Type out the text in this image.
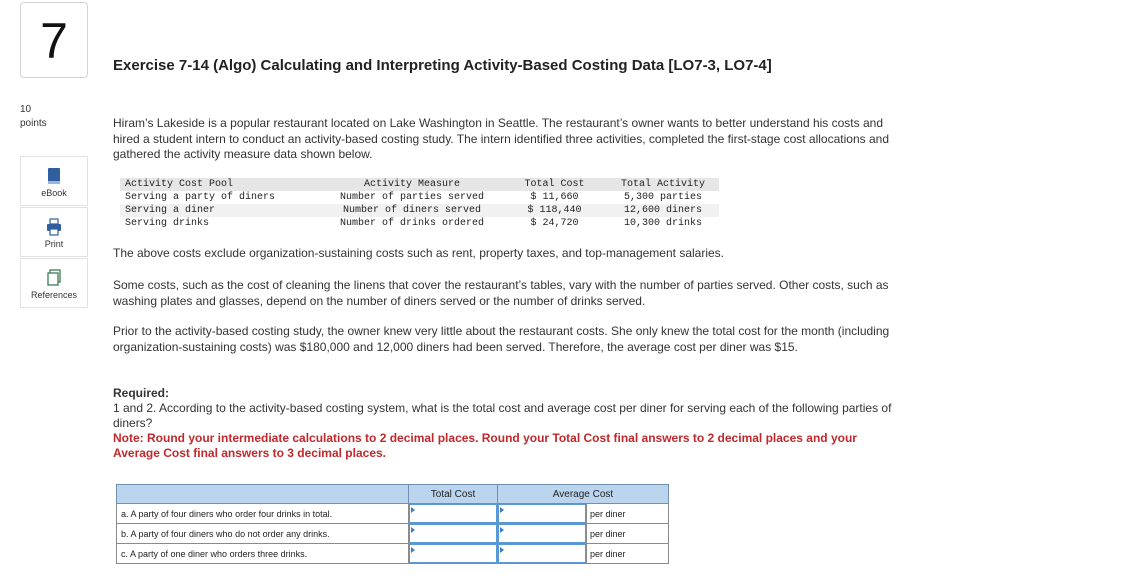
7
10
points
eBook
Print
References
Exercise 7-14 (Algo) Calculating and Interpreting Activity-Based Costing Data [LO7-3, LO7-4]

Hiram’s Lakeside is a popular restaurant located on Lake Washington in Seattle. The restaurant’s owner wants to better understand his costs and hired a student intern to conduct an activity-based costing study. The intern identified three activities, completed the first-stage cost allocations and gathered the activity measure data shown below.

Activity Cost Pool	Activity Measure	Total Cost	Total Activity
Serving a party of diners	Number of parties served	$ 11,660	5,300 parties
Serving a diner	Number of diners served	$ 118,440	12,600 diners
Serving drinks	Number of drinks ordered	$ 24,720	10,300 drinks

The above costs exclude organization-sustaining costs such as rent, property taxes, and top-management salaries.

Some costs, such as the cost of cleaning the linens that cover the restaurant’s tables, vary with the number of parties served. Other costs, such as washing plates and glasses, depend on the number of diners served or the number of drinks served.

Prior to the activity-based costing study, the owner knew very little about the restaurant costs. She only knew the total cost for the month (including organization-sustaining costs) was $180,000 and 12,000 diners had been served. Therefore, the average cost per diner was $15.

Required:
1 and 2. According to the activity-based costing system, what is the total cost and average cost per diner for serving each of the following parties of diners?
Note: Round your intermediate calculations to 2 decimal places. Round your Total Cost final answers to 2 decimal places and your Average Cost final answers to 3 decimal places.
	Total Cost	Average Cost	
a. A party of four diners who order four drinks in total.			per diner
b. A party of four diners who do not order any drinks.			per diner
c. A party of one diner who orders three drinks.			per diner
